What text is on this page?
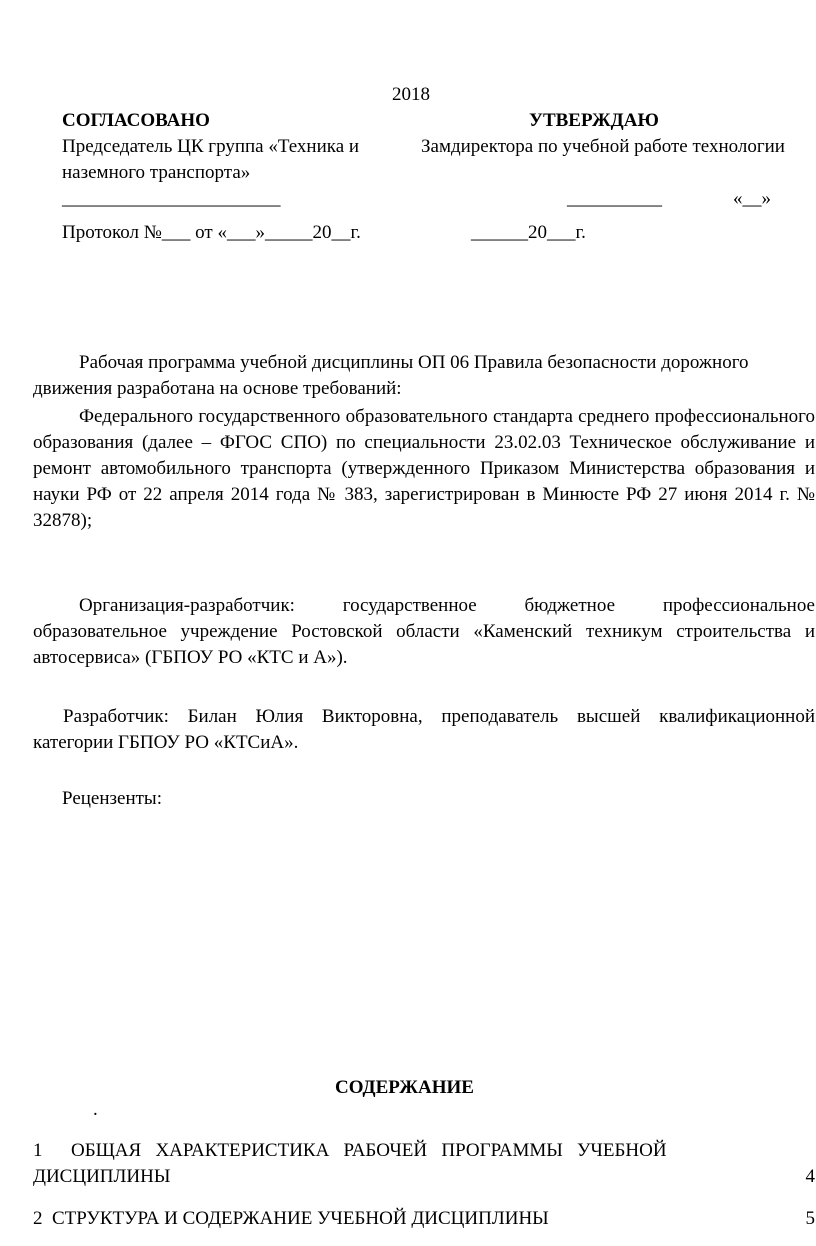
2018
СОГЛАСОВАНО	УТВЕРЖДАЮ
Председатель ЦК группа «Техника и	Замдиректора по учебной работе технологии
наземного транспорта»
_______________________	__________	«__»
Протокол №___ от «___»_____20__г.	______20___г.
Рабочая программа учебной дисциплины ОП 06 Правила безопасности дорожного
движения разработана на основе требований:
Федерального государственного образовательного стандарта среднего профессионального образования (далее – ФГОС СПО) по специальности 23.02.03 Техническое обслуживание и ремонт автомобильного транспорта (утвержденного Приказом Министерства образования и науки РФ от 22 апреля 2014 года № 383, зарегистрирован в Минюсте РФ 27 июня 2014 г. № 32878);
Организация-разработчик: государственное бюджетное профессиональное образовательное учреждение Ростовской области «Каменский техникум строительства и автосервиса» (ГБПОУ РО «КТС и А»).
Разработчик: Билан Юлия Викторовна, преподаватель высшей квалификационной категории ГБПОУ РО «КТСиА».
Рецензенты:
СОДЕРЖАНИЕ
.
1      ОБЩАЯ   ХАРАКТЕРИСТИКА   РАБОЧЕЙ   ПРОГРАММЫ   УЧЕБНОЙ
ДИСЦИПЛИНЫ	4
2  СТРУКТУРА И СОДЕРЖАНИЕ УЧЕБНОЙ ДИСЦИПЛИНЫ	5
